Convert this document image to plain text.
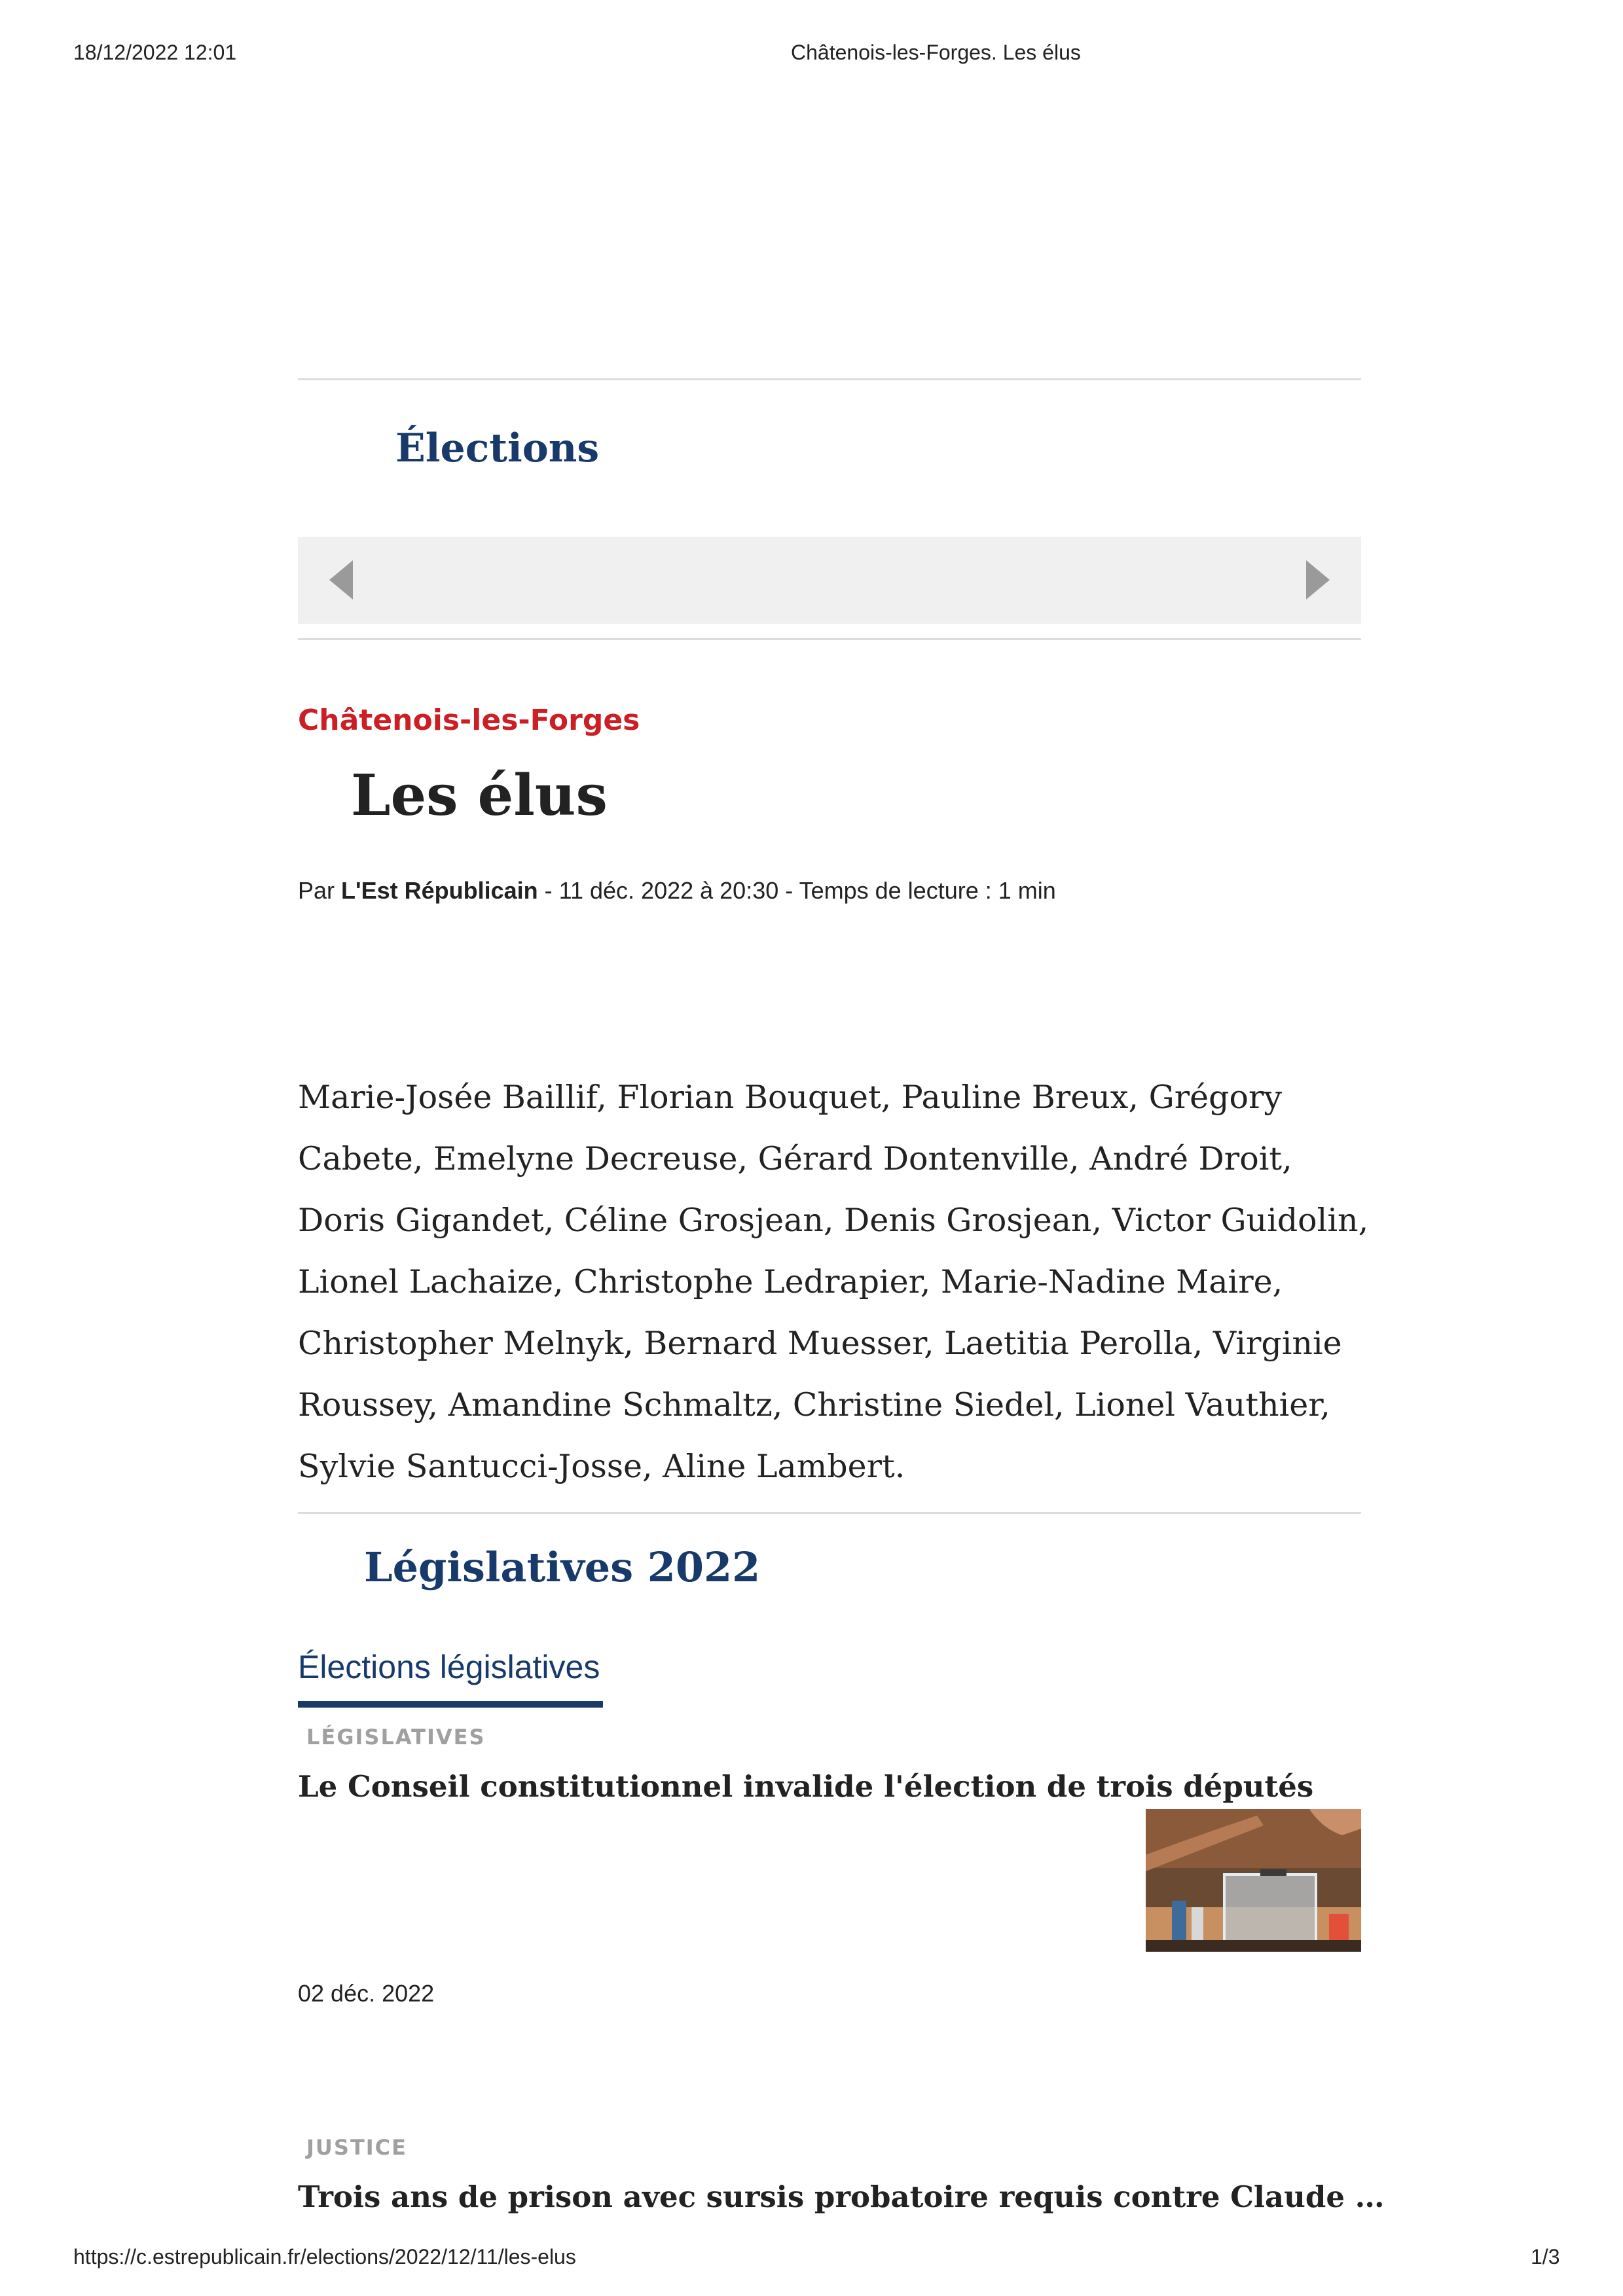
18/12/2022 12:01	Châtenois-les-Forges. Les élus
Élections
Châtenois-les-Forges
Les élus
Par L'Est Républicain - 11 déc. 2022 à 20:30 - Temps de lecture : 1 min
Marie-Josée Baillif, Florian Bouquet, Pauline Breux, Grégory Cabete, Emelyne Decreuse, Gérard Dontenville, André Droit, Doris Gigandet, Céline Grosjean, Denis Grosjean, Victor Guidolin, Lionel Lachaize, Christophe Ledrapier, Marie-Nadine Maire, Christopher Melnyk, Bernard Muesser, Laetitia Perolla, Virginie Roussey, Amandine Schmaltz, Christine Siedel, Lionel Vauthier, Sylvie Santucci-Josse, Aline Lambert.
Législatives 2022
Élections législatives
LÉGISLATIVES
Le Conseil constitutionnel invalide l'élection de trois députés
02 déc. 2022
JUSTICE
Trois ans de prison avec sursis probatoire requis contre Claude …
https://c.estrepublicain.fr/elections/2022/12/11/les-elus	1/3
